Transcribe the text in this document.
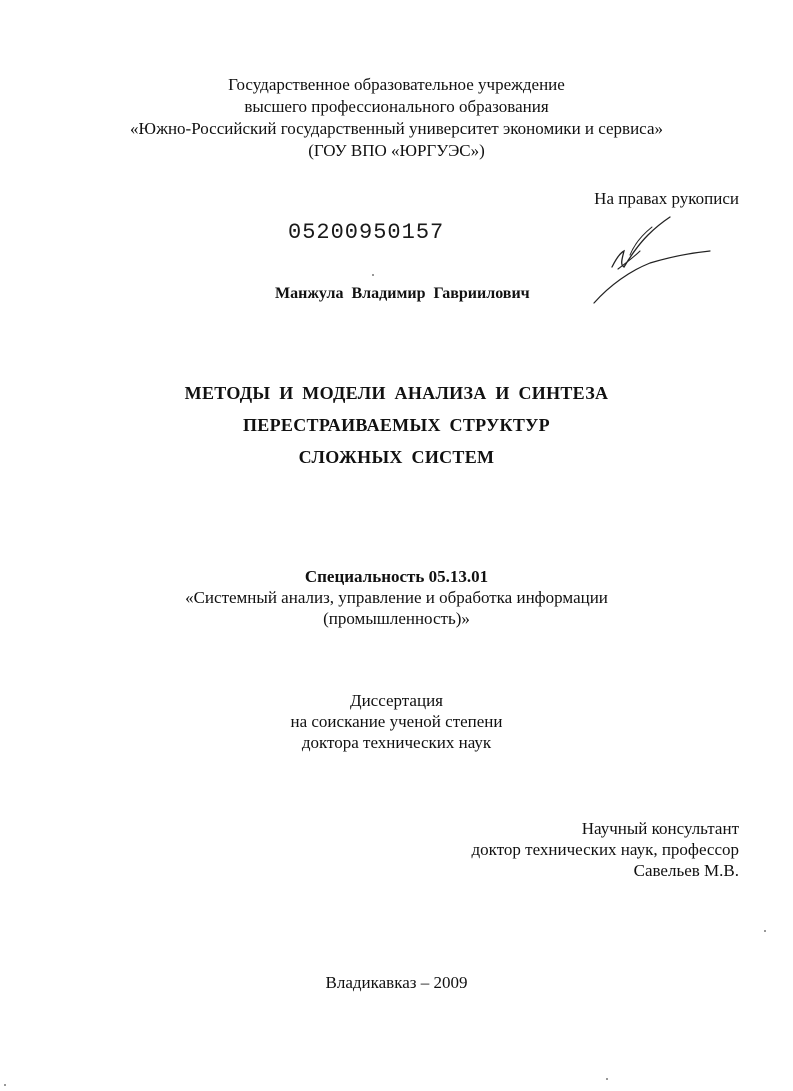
Государственное образовательное учреждение
высшего профессионального образования
«Южно-Российский государственный университет экономики и сервиса»
(ГОУ ВПО «ЮРГУЭС»)
На правах рукописи
05200950157
Манжула Владимир Гавриилович
МЕТОДЫ И МОДЕЛИ АНАЛИЗА И СИНТЕЗА
ПЕРЕСТРАИВАЕМЫХ СТРУКТУР
СЛОЖНЫХ СИСТЕМ
Специальность 05.13.01
«Системный анализ, управление и обработка информации
(промышленность)»
Диссертация
на соискание ученой степени
доктора технических наук
Научный консультант
доктор технических наук, профессор
Савельев М.В.
Владикавказ – 2009
